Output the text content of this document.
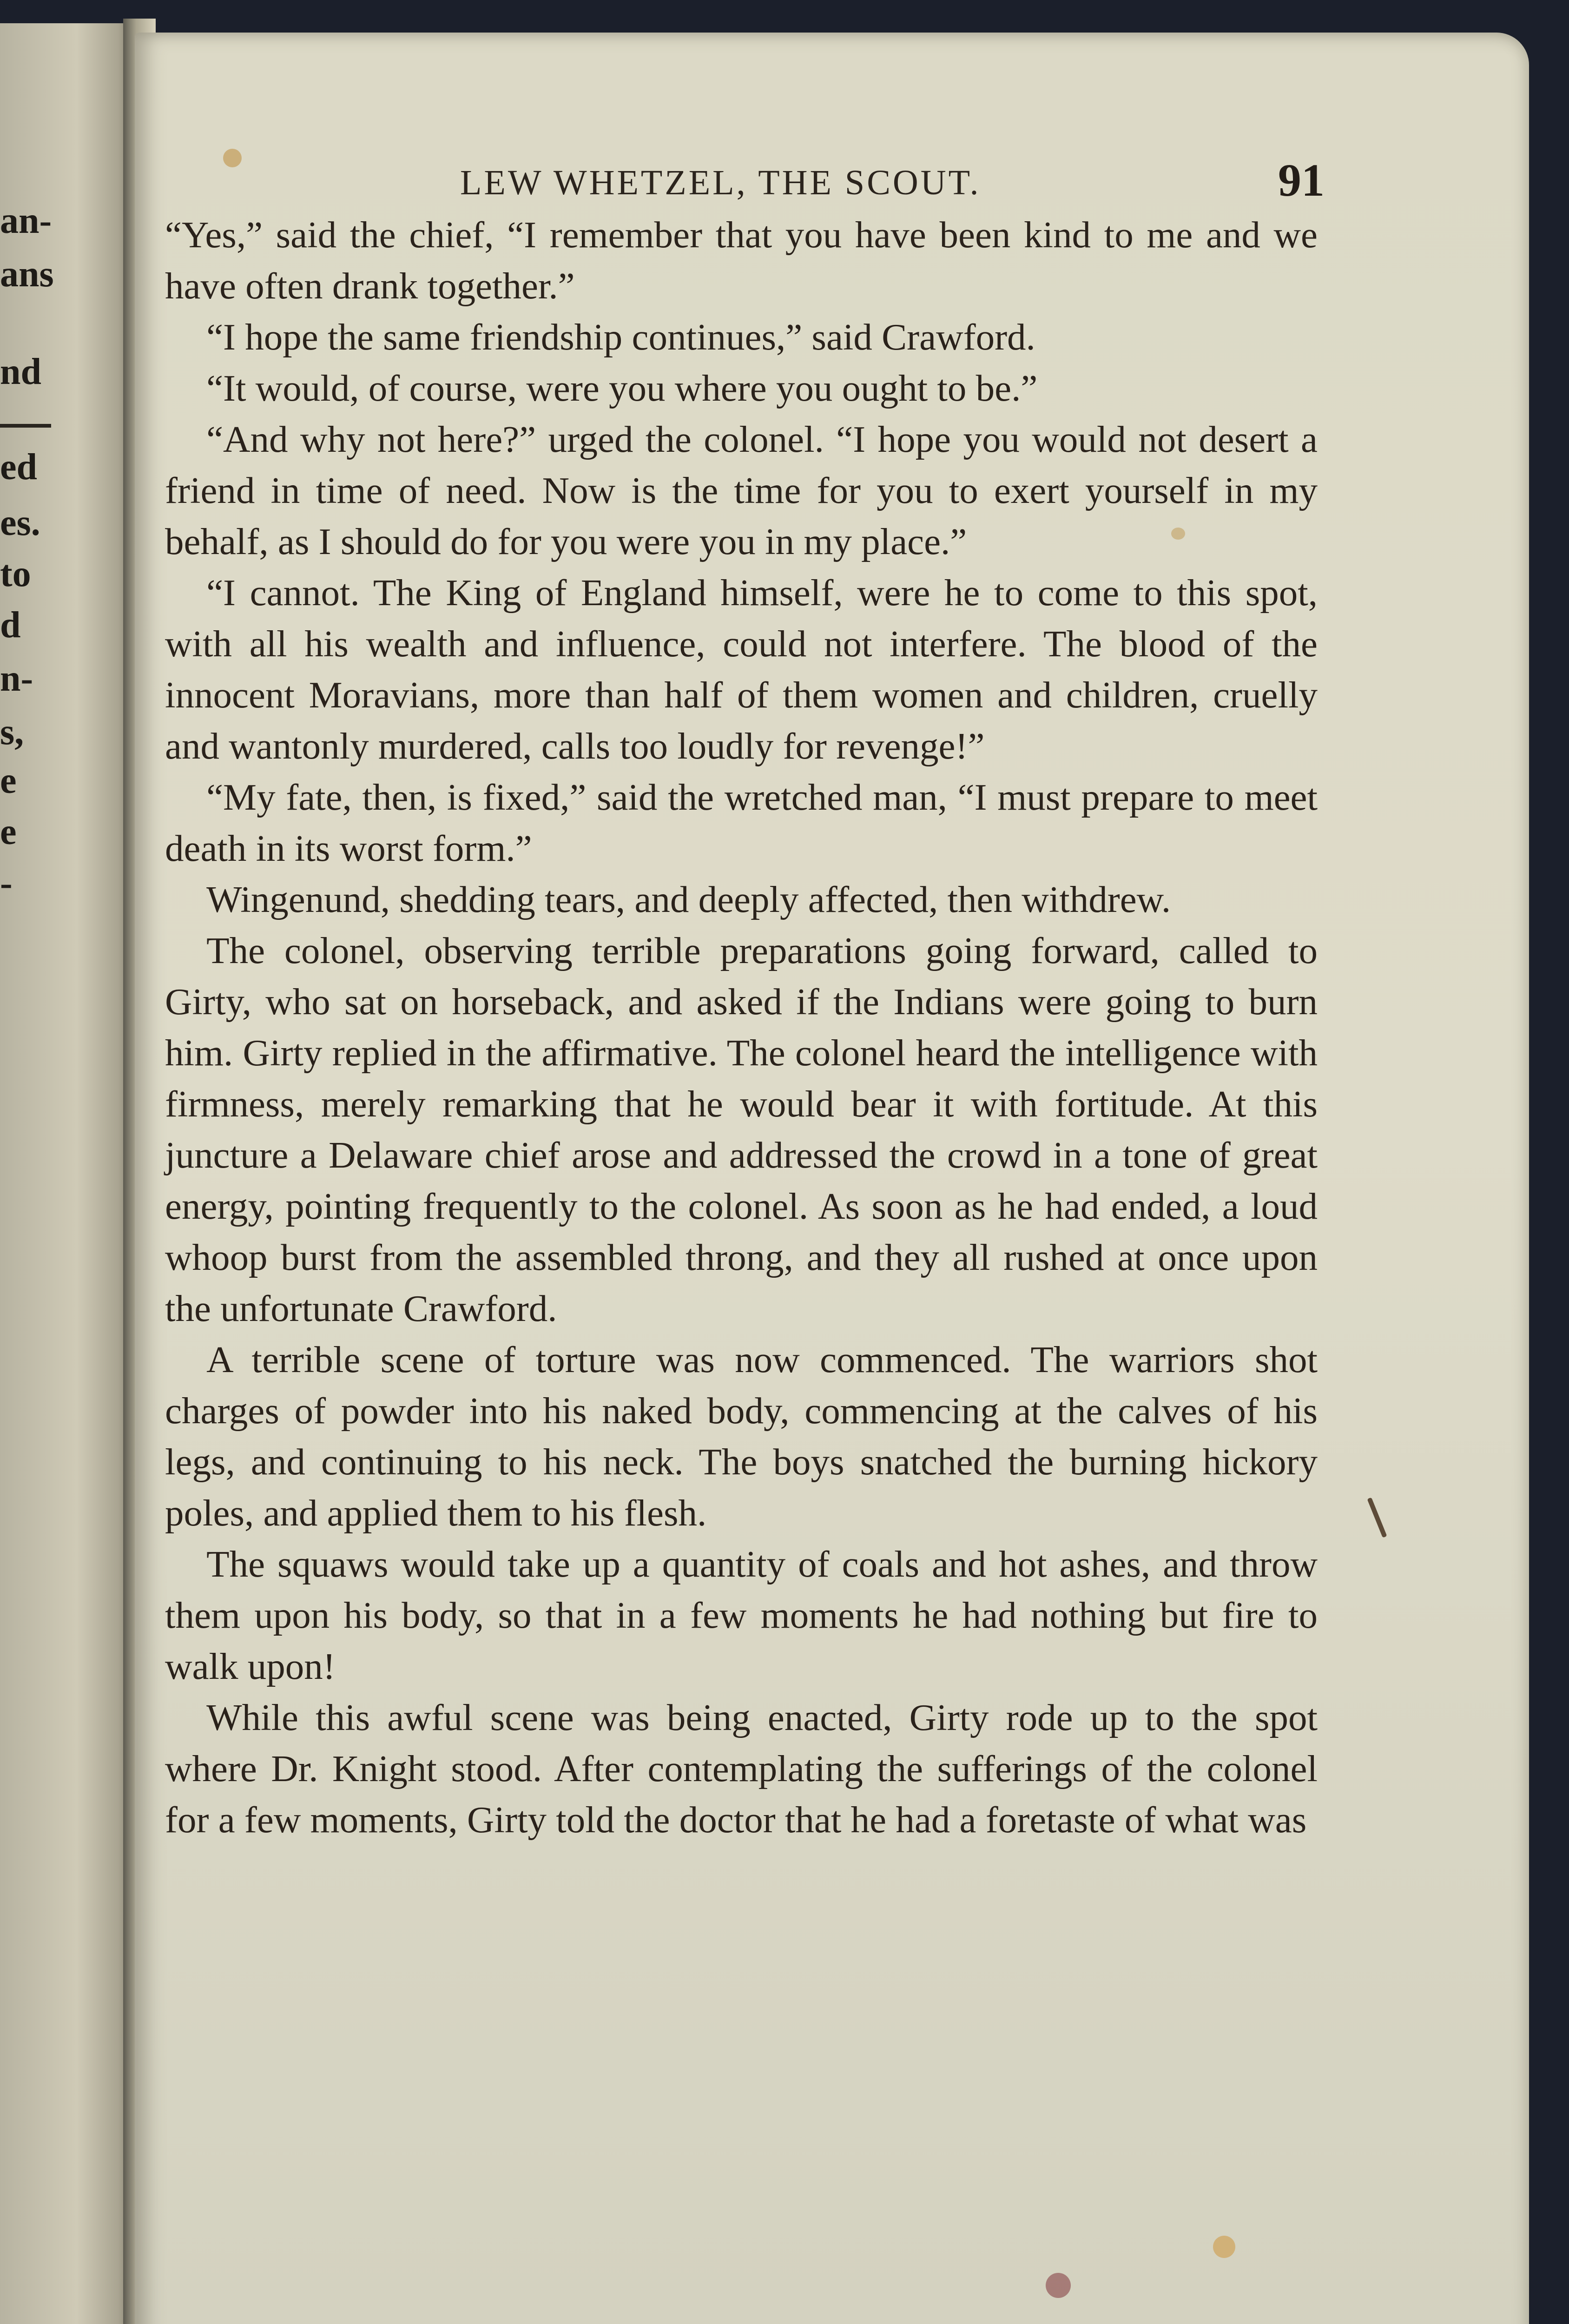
an-
ans
nd
ed
es.
to
d
n-
s,
e
e
-
LEW WHETZEL, THE SCOUT.	91

“Yes,” said the chief, “I remember that you have been kind to me and we have often drank together.”

“I hope the same friendship continues,” said Crawford.

“It would, of course, were you where you ought to be.”

“And why not here?” urged the colonel. “I hope you would not desert a friend in time of need. Now is the time for you to exert yourself in my behalf, as I should do for you were you in my place.”

“I cannot. The King of England himself, were he to come to this spot, with all his wealth and influence, could not interfere. The blood of the innocent Moravians, more than half of them women and children, cruelly and wantonly murdered, calls too loudly for revenge!”

“My fate, then, is fixed,” said the wretched man, “I must prepare to meet death in its worst form.”

Wingenund, shedding tears, and deeply affected, then withdrew.

The colonel, observing terrible preparations going forward, called to Girty, who sat on horseback, and asked if the Indians were going to burn him. Girty replied in the affirmative. The colonel heard the intelligence with firmness, merely remarking that he would bear it with fortitude. At this juncture a Delaware chief arose and addressed the crowd in a tone of great energy, pointing frequently to the colonel. As soon as he had ended, a loud whoop burst from the assembled throng, and they all rushed at once upon the unfortunate Crawford.

A terrible scene of torture was now commenced. The warriors shot charges of powder into his naked body, commencing at the calves of his legs, and continuing to his neck. The boys snatched the burning hickory poles, and applied them to his flesh.

The squaws would take up a quantity of coals and hot ashes, and throw them upon his body, so that in a few moments he had nothing but fire to walk upon!

While this awful scene was being enacted, Girty rode up to the spot where Dr. Knight stood. After contemplating the sufferings of the colonel for a few moments, Girty told the doctor that he had a foretaste of what was
